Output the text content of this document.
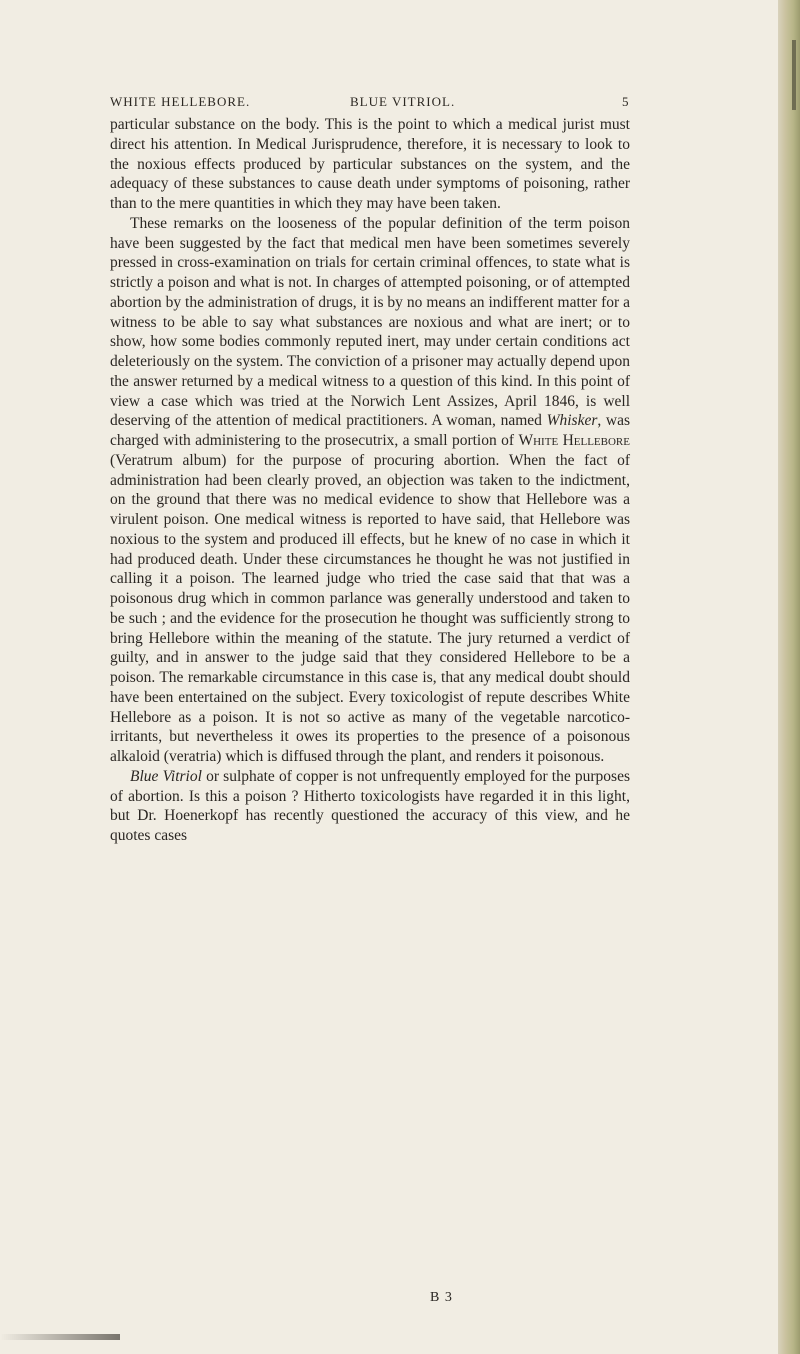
WHITE HELLEBORE.	BLUE VITRIOL.	5

particular substance on the body. This is the point to which a medical jurist must direct his attention. In Medical Jurisprudence, therefore, it is necessary to look to the noxious effects produced by particular substances on the system, and the adequacy of these substances to cause death under symptoms of poisoning, rather than to the mere quantities in which they may have been taken.

These remarks on the looseness of the popular definition of the term poison have been suggested by the fact that medical men have been sometimes severely pressed in cross-examination on trials for certain criminal offences, to state what is strictly a poison and what is not. In charges of attempted poisoning, or of attempted abortion by the administration of drugs, it is by no means an indifferent matter for a witness to be able to say what substances are noxious and what are inert; or to show, how some bodies commonly reputed inert, may under certain conditions act deleteriously on the system. The conviction of a prisoner may actually depend upon the answer returned by a medical witness to a question of this kind. In this point of view a case which was tried at the Norwich Lent Assizes, April 1846, is well deserving of the attention of medical practitioners. A woman, named Whisker, was charged with administering to the prosecutrix, a small portion of White Hellebore (Veratrum album) for the purpose of procuring abortion. When the fact of administration had been clearly proved, an objection was taken to the indictment, on the ground that there was no medical evidence to show that Hellebore was a virulent poison. One medical witness is reported to have said, that Hellebore was noxious to the system and produced ill effects, but he knew of no case in which it had produced death. Under these circumstances he thought he was not justified in calling it a poison. The learned judge who tried the case said that that was a poisonous drug which in common parlance was generally understood and taken to be such ; and the evidence for the prosecution he thought was sufficiently strong to bring Hellebore within the meaning of the statute. The jury returned a verdict of guilty, and in answer to the judge said that they considered Hellebore to be a poison. The remarkable circumstance in this case is, that any medical doubt should have been entertained on the subject. Every toxicologist of repute describes White Hellebore as a poison. It is not so active as many of the vegetable narcotico-irritants, but nevertheless it owes its properties to the presence of a poisonous alkaloid (veratria) which is diffused through the plant, and renders it poisonous.

Blue Vitriol or sulphate of copper is not unfrequently employed for the purposes of abortion. Is this a poison ? Hitherto toxicologists have regarded it in this light, but Dr. Hoenerkopf has recently questioned the accuracy of this view, and he quotes cases

B 3
